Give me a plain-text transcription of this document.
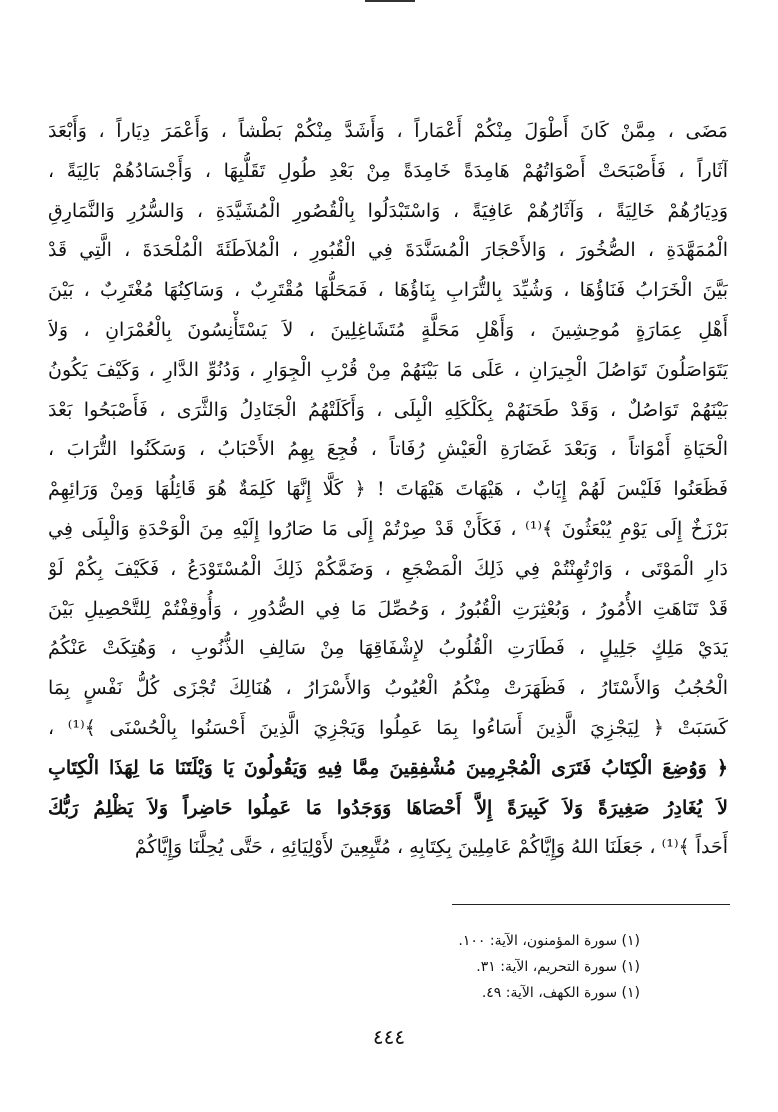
مَضَى ، مِمَّنْ كَانَ أَطْوَلَ مِنْكُمْ أَعْمَاراً ، وَأَشَدَّ مِنْكُمْ بَطْشاً ، وَأَعْمَرَ دِيَاراً ، وَأَبْعَدَ
آثَاراً ، فَأَصْبَحَتْ أَصْوَاتُهُمْ هَامِدَةً خَامِدَةً مِنْ بَعْدِ طُولِ تَقَلُّبِهَا ، وَأَجْسَادُهُمْ بَالِيَةً ،
وَدِيَارُهُمْ خَالِيَةً ، وَآثَارُهُمْ عَافِيَةً ، وَاسْتَبْدَلُوا بِالْقُصُورِ الْمُشَيَّدَةِ ، وَالسُّرُرِ وَالنَّمَارِقِ
الْمُمَهَّدَةِ ، الصُّخُورَ ، وَالأَحْجَارَ الْمُسَنَّدَةَ فِي الْقُبُورِ ، الْمُلاَطَئَةَ الْمُلْحَدَةَ ، الَّتِي قَدْ
بَيَّنَ الْخَرَابُ فَنَاؤُهَا ، وَشُيِّدَ بِالتُّرَابِ بِنَاؤُهَا ، فَمَحَلُّهَا مُقْتَرِبٌ ، وَسَاكِنُهَا مُغْتَرِبٌ ، بَيْنَ
أَهْلِ عِمَارَةٍ مُوحِشِينَ ، وَأَهْلِ مَحَلَّةٍ مُتَشَاغِلِينَ ، لاَ يَسْتَأْنِسُونَ بِالْعُمْرَانِ ، وَلاَ
يَتَوَاصَلُونَ تَوَاصُلَ الْجِيرَانِ ، عَلَى مَا بَيْنَهُمْ مِنْ قُرْبِ الْجِوَارِ ، وَدُنُوِّ الدَّارِ ، وَكَيْفَ يَكُونُ
بَيْنَهُمْ تَوَاصُلٌ ، وَقَدْ طَحَنَهُمْ بِكَلْكَلِهِ الْبِلَى ، وَأَكَلَتْهُمُ الْجَنَادِلُ وَالثَّرَى ، فَأَصْبَحُوا بَعْدَ
الْحَيَاةِ أَمْوَاتاً ، وَبَعْدَ غَضَارَةِ الْعَيْشِ رُفَاتاً ، فُجِعَ بِهِمُ الأَحْبَابُ ، وَسَكَنُوا التُّرَابَ ،
فَظَعَنُوا فَلَيْسَ لَهُمْ إِيَابٌ ، هَيْهَاتَ هَيْهَاتَ ! ﴿ كَلَّا إِنَّهَا كَلِمَةٌ هُوَ قَائِلُهَا وَمِنْ وَرَائِهِمْ
بَرْزَخٌ إِلَى يَوْمِ يُبْعَثُونَ ﴾⁽¹⁾ ، فَكَأَنْ قَدْ صِرْتُمْ إِلَى مَا صَارُوا إِلَيْهِ مِنَ الْوَحْدَةِ وَالْبِلَى فِي
دَارِ الْمَوْتَى ، وَارْتُهِنْتُمْ فِي ذَلِكَ الْمَضْجَعِ ، وَضَمَّكُمْ ذَلِكَ الْمُسْتَوْدَعُ ، فَكَيْفَ بِكُمْ لَوْ
قَدْ تَنَاهَتِ الأُمُورُ ، وَبُعْثِرَتِ الْقُبُورُ ، وَحُصِّلَ مَا فِي الصُّدُورِ ، وَأُوقِفْتُمْ لِلتَّحْصِيلِ بَيْنَ
يَدَيْ مَلِكٍ جَلِيلٍ ، فَطَارَتِ الْقُلُوبُ لإِشْفَاقِهَا مِنْ سَالِفِ الذُّنُوبِ ، وَهُتِكَتْ عَنْكُمُ
الْحُجُبُ وَالأَسْتَارُ ، فَظَهَرَتْ مِنْكُمُ الْعُيُوبُ وَالأَسْرَارُ ، هُنَالِكَ تُجْزَى كُلُّ نَفْسٍ بِمَا
كَسَبَتْ ﴿ لِيَجْزِيَ الَّذِينَ أَسَاءُوا بِمَا عَمِلُوا وَيَجْزِيَ الَّذِينَ أَحْسَنُوا بِالْحُسْنَى ﴾⁽¹⁾ ،
﴿ وَوُضِعَ الْكِتَابُ فَتَرَى الْمُجْرِمِينَ مُشْفِقِينَ مِمَّا فِيهِ وَيَقُولُونَ يَا وَيْلَتَنَا مَا لِهَذَا الْكِتَابِ
لاَ يُغَادِرُ صَغِيرَةً وَلاَ كَبِيرَةً إِلاَّ أَحْصَاهَا وَوَجَدُوا مَا عَمِلُوا حَاضِراً وَلاَ يَظْلِمُ رَبُّكَ
أَحَداً ﴾⁽¹⁾ ، جَعَلَنَا اللهُ وَإِيَّاكُمْ عَامِلِينَ بِكِتَابِهِ ، مُتَّبِعِينَ لأَوْلِيَائِهِ ، حَتَّى يُحِلَّنَا وَإِيَّاكُمْ
(١) سورة المؤمنون، الآية: ١٠٠.
(١) سورة التحريم، الآية: ٣١.
(١) سورة الكهف، الآية: ٤٩.
٤٤٤
